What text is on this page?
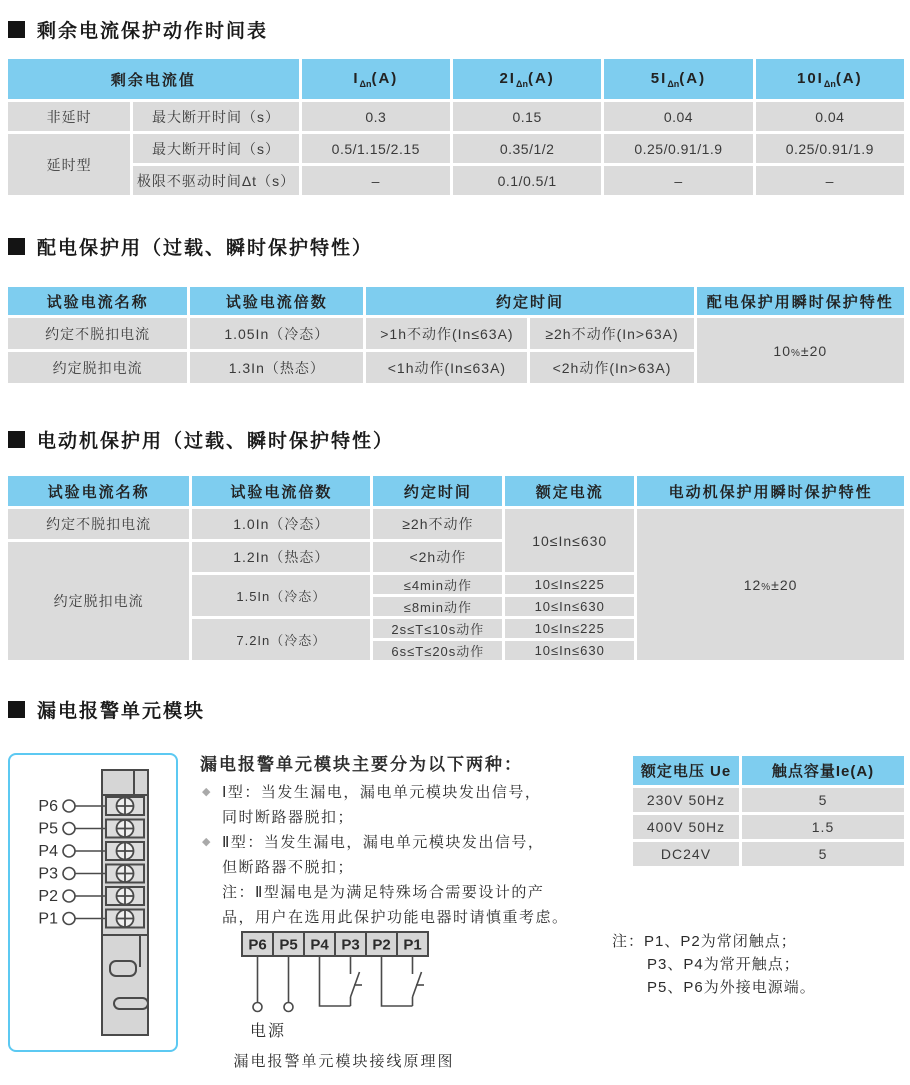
剩余电流保护动作时间表
剩余电流值		$I_{\Delta n}(A)$	$2I_{\Delta n}(A)$	$5I_{\Delta n}(A)$	$10I_{\Delta n}(A)$
非延时	最大断开时间（s）	0.3	0.15	0.04	0.04
延时型	最大断开时间（s）	0.5/1.15/2.15	0.35/1/2	0.25/0.91/1.9	0.25/0.91/1.9
	极限不驱动时间Δt（s）	–	0.1/0.5/1	–	–
配电保护用（过载、瞬时保护特性）
试验电流名称	试验电流倍数	约定时间		配电保护用瞬时保护特性
约定不脱扣电流	1.05In（冷态）	>1h不动作(In≤63A)	≥2h不动作(In>63A)	10%±20
约定脱扣电流	1.3In（热态）	<1h动作(In≤63A)	<2h动作(In>63A)	
电动机保护用（过载、瞬时保护特性）
试验电流名称	试验电流倍数	约定时间	额定电流	电动机保护用瞬时保护特性
约定不脱扣电流	1.0In（冷态）	≥2h不动作	10≤In≤630	12%±20
约定脱扣电流	1.2In（热态）	<2h动作		
	1.5In（冷态）	≤4min动作	10≤In≤225	
		≤8min动作	10≤In≤630	
	7.2In（冷态）	2s≤T≤10s动作	10≤In≤225	
		6s≤T≤20s动作	10≤In≤630	
漏电报警单元模块
P6
P5
P4
P3
P2
P1
漏电报警单元模块主要分为以下两种：
◆ Ⅰ型：当发生漏电，漏电单元模块发出信号，
同时断路器脱扣；
◆ Ⅱ型：当发生漏电，漏电单元模块发出信号，
但断路器不脱扣；
注：Ⅱ型漏电是为满足特殊场合需要设计的产
品，用户在选用此保护功能电器时请慎重考虑。
额定电压 Ue	触点容量Ie(A)
230V 50Hz	5
400V 50Hz	1.5
DC24V	5
注：P1、P2为常闭触点；
P3、P4为常开触点；
P5、P6为外接电源端。
P6 P5 P4 P3 P2 P1
电源
漏电报警单元模块接线原理图
